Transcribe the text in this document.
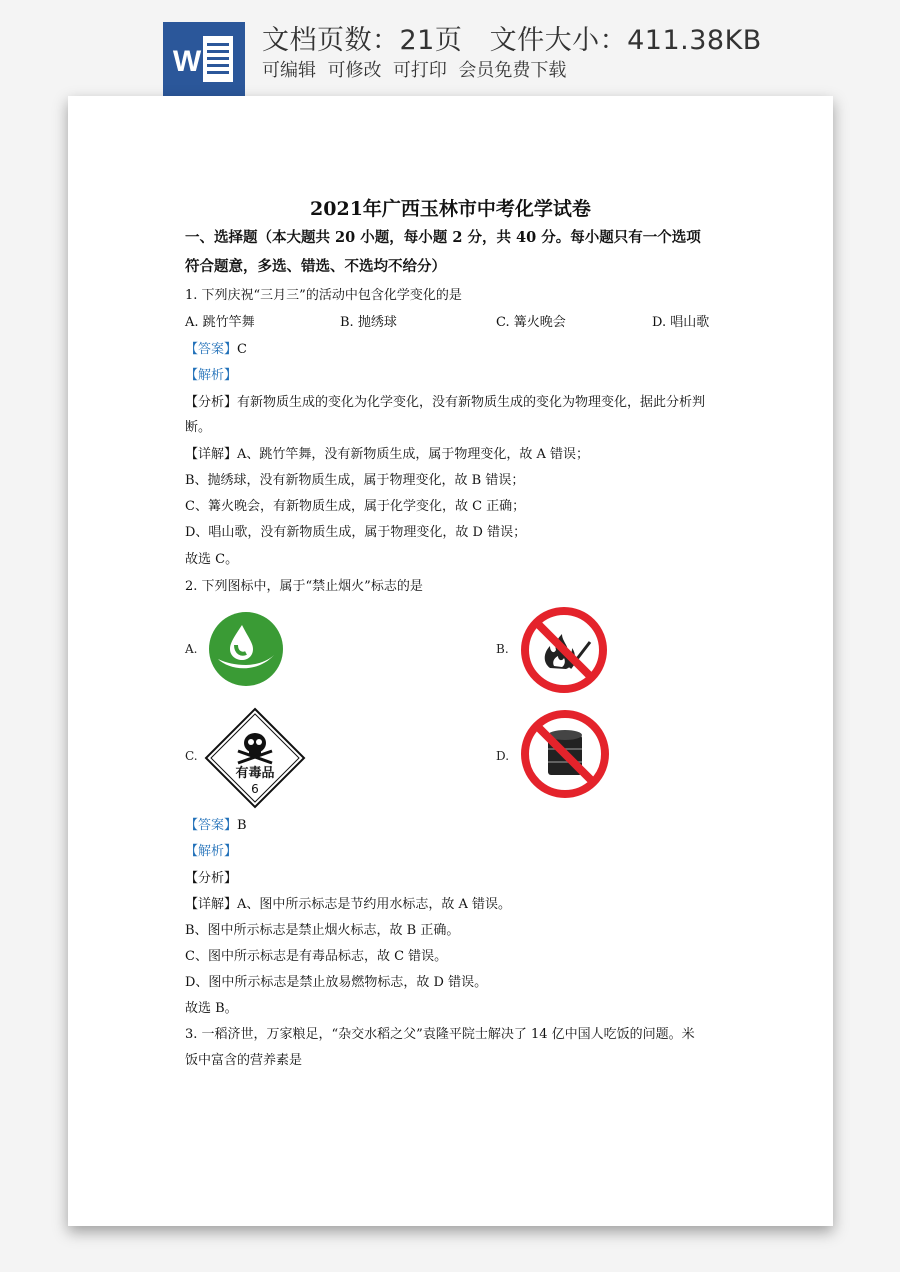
W
文档页数：21页 文件大小：411.38KB
可编辑  可修改  可打印  会员免费下载
2021年广西玉林市中考化学试卷
一、选择题（本大题共 20 小题，每小题 2 分，共 40 分。每小题只有一个选项
符合题意，多选、错选、不选均不给分）
1. 下列庆祝“三月三”的活动中包含化学变化的是
A. 跳竹竿舞	B. 抛绣球	C. 篝火晚会	D. 唱山歌
【答案】C
【解析】
【分析】有新物质生成的变化为化学变化，没有新物质生成的变化为物理变化，据此分析判
断。
【详解】A、跳竹竿舞，没有新物质生成，属于物理变化，故 A 错误；
B、抛绣球，没有新物质生成，属于物理变化，故 B 错误；
C、篝火晚会，有新物质生成，属于化学变化，故 C 正确；
D、唱山歌，没有新物质生成，属于物理变化，故 D 错误；
故选 C。
2. 下列图标中，属于“禁止烟火”标志的是
A.	B.
C.
有毒品
6
D.
【答案】B
【解析】
【分析】
【详解】A、图中所示标志是节约用水标志，故 A 错误。
B、图中所示标志是禁止烟火标志，故 B 正确。
C、图中所示标志是有毒品标志，故 C 错误。
D、图中所示标志是禁止放易燃物标志，故 D 错误。
故选 B。
3. 一稻济世，万家粮足，“杂交水稻之父”袁隆平院士解决了 14 亿中国人吃饭的问题。米
饭中富含的营养素是
